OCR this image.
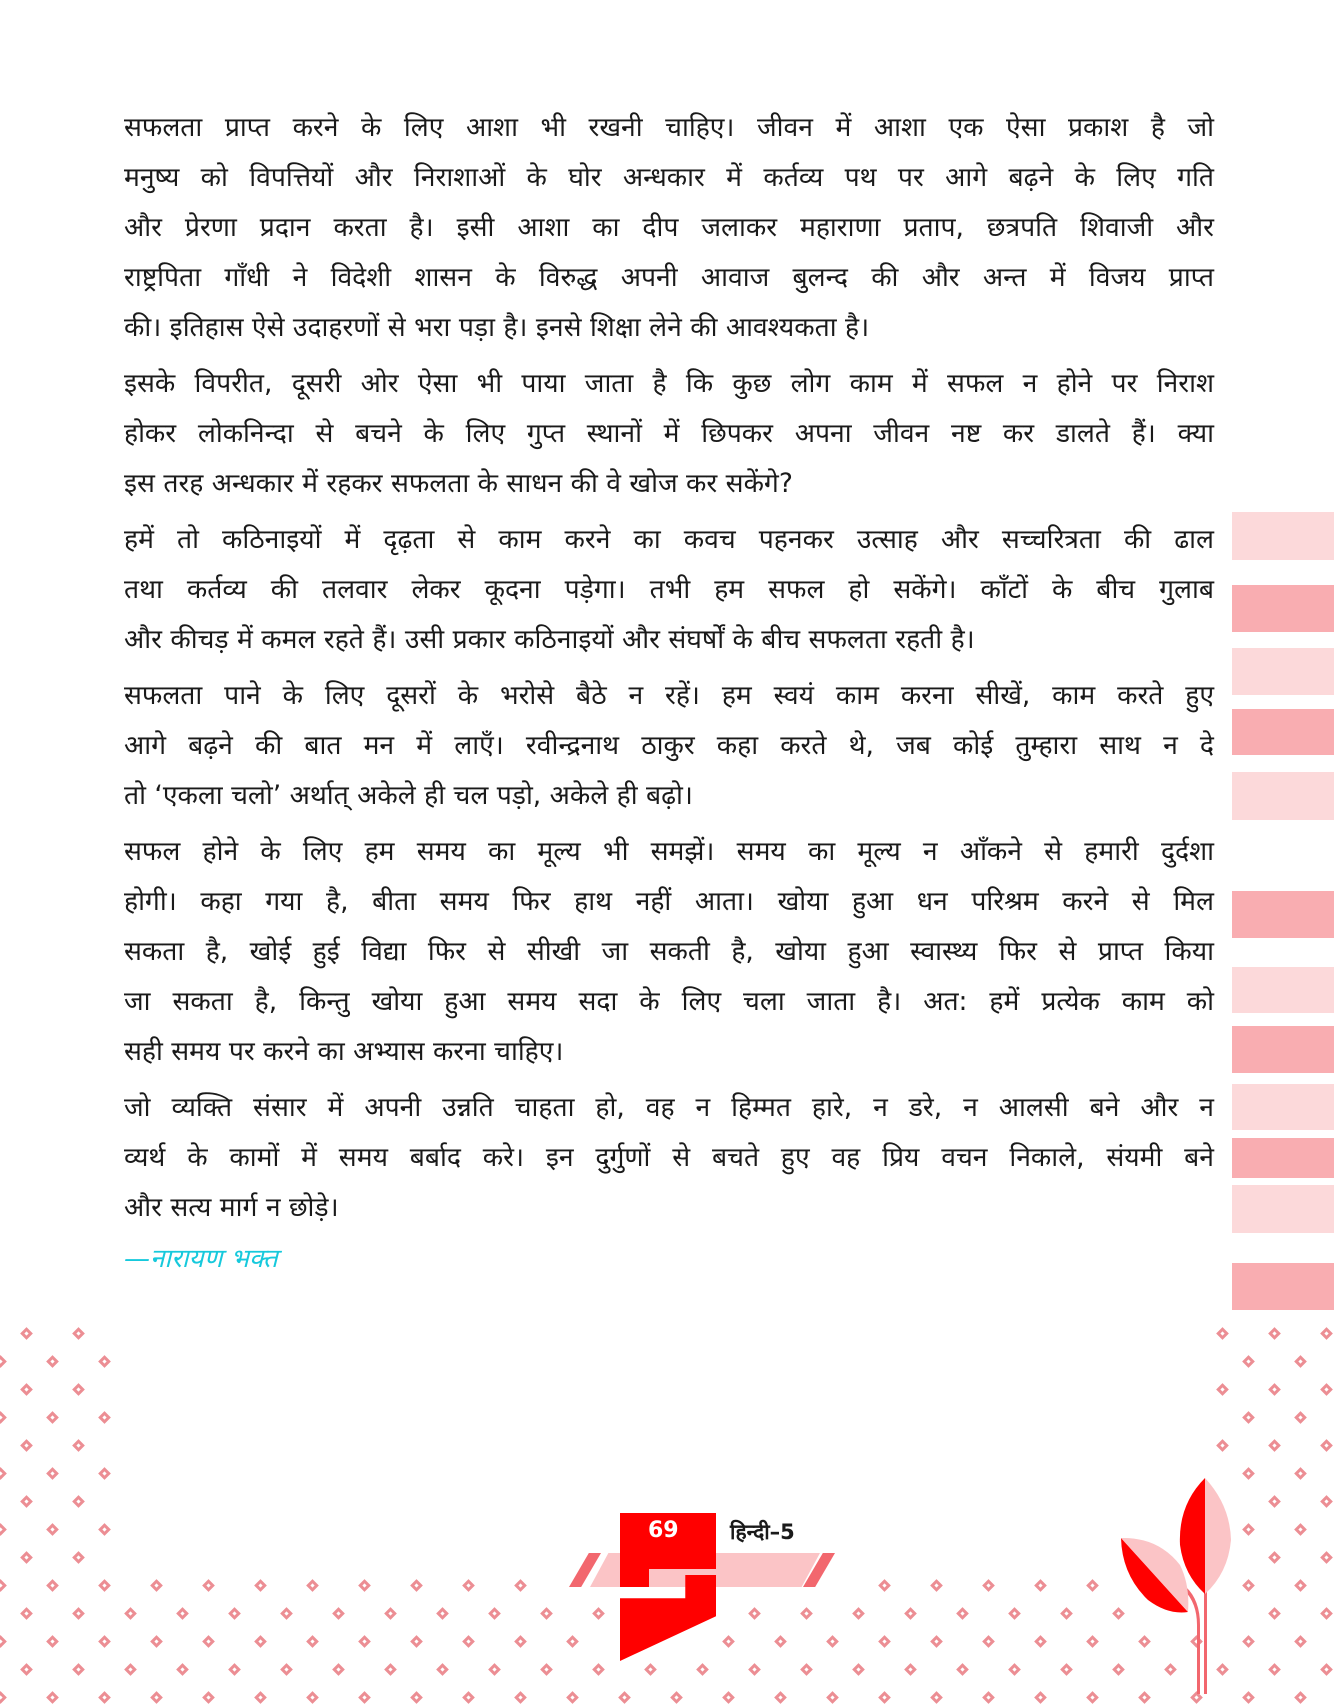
सफलता प्राप्त करने के लिए आशा भी रखनी चाहिए। जीवन में आशा एक ऐसा प्रकाश है जो
मनुष्य को विपत्तियों और निराशाओं के घोर अन्धकार में कर्तव्य पथ पर आगे बढ़ने के लिए गति
और प्रेरणा प्रदान करता है। इसी आशा का दीप जलाकर महाराणा प्रताप, छत्रपति शिवाजी और
राष्ट्रपिता गाँधी ने विदेशी शासन के विरुद्ध अपनी आवाज बुलन्द की और अन्त में विजय प्राप्त
की। इतिहास ऐसे उदाहरणों से भरा पड़ा है। इनसे शिक्षा लेने की आवश्यकता है।
इसके विपरीत, दूसरी ओर ऐसा भी पाया जाता है कि कुछ लोग काम में सफल न होने पर निराश
होकर लोकनिन्दा से बचने के लिए गुप्त स्थानों में छिपकर अपना जीवन नष्ट कर डालते हैं। क्या
इस तरह अन्धकार में रहकर सफलता के साधन की वे खोज कर सकेंगे?
हमें तो कठिनाइयों में दृढ़ता से काम करने का कवच पहनकर उत्साह और सच्चरित्रता की ढाल
तथा कर्तव्य की तलवार लेकर कूदना पड़ेगा। तभी हम सफल हो सकेंगे। काँटों के बीच गुलाब
और कीचड़ में कमल रहते हैं। उसी प्रकार कठिनाइयों और संघर्षों के बीच सफलता रहती है।
सफलता पाने के लिए दूसरों के भरोसे बैठे न रहें। हम स्वयं काम करना सीखें, काम करते हुए
आगे बढ़ने की बात मन में लाएँ। रवीन्द्रनाथ ठाकुर कहा करते थे, जब कोई तुम्हारा साथ न दे
तो ‘एकला चलो’ अर्थात् अकेले ही चल पड़ो, अकेले ही बढ़ो।
सफल होने के लिए हम समय का मूल्य भी समझें। समय का मूल्य न आँकने से हमारी दुर्दशा
होगी। कहा गया है, बीता समय फिर हाथ नहीं आता। खोया हुआ धन परिश्रम करने से मिल
सकता है, खोई हुई विद्या फिर से सीखी जा सकती है, खोया हुआ स्वास्थ्य फिर से प्राप्त किया
जा सकता है, किन्तु खोया हुआ समय सदा के लिए चला जाता है। अत: हमें प्रत्येक काम को
सही समय पर करने का अभ्यास करना चाहिए।
जो व्यक्ति संसार में अपनी उन्नति चाहता हो, वह न हिम्मत हारे, न डरे, न आलसी बने और न
व्यर्थ के कामों में समय बर्बाद करे। इन दुर्गुणों से बचते हुए वह प्रिय वचन निकाले, संयमी बने
और सत्य मार्ग न छोड़े।
—नारायण भक्त
69 हिन्दी–5
